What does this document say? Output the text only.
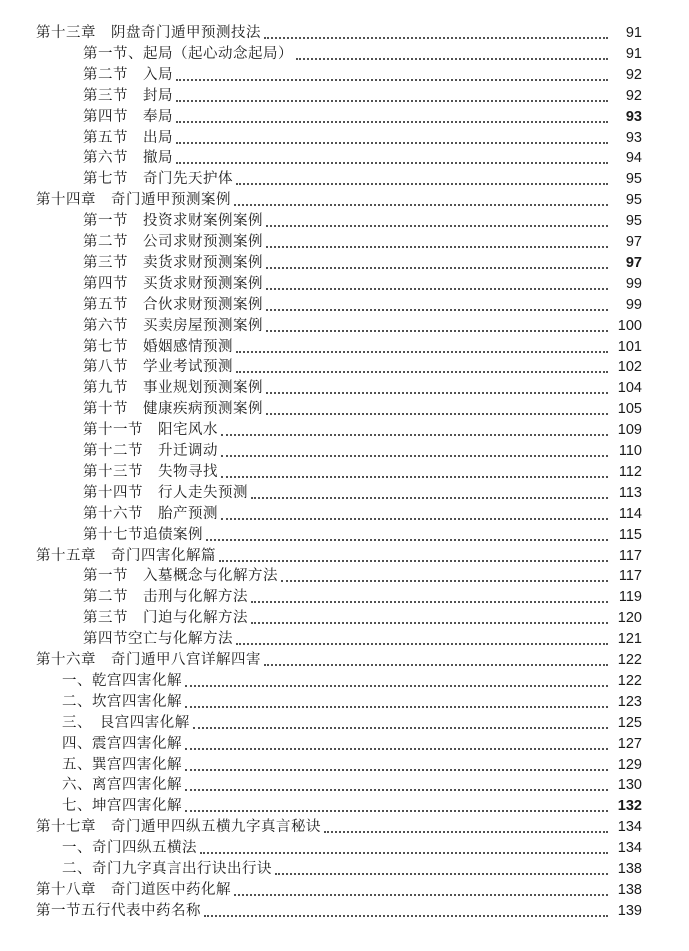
第十三章　阴盘奇门遁甲预测技法	91
第一节、起局（起心动念起局）	91
第二节　入局	92
第三节　封局	92
第四节　奉局	93
第五节　出局	93
第六节　撤局	94
第七节　奇门先天护体	95
第十四章　奇门遁甲预测案例	95
第一节　投资求财案例案例	95
第二节　公司求财预测案例	97
第三节　卖货求财预测案例	97
第四节　买货求财预测案例	99
第五节　合伙求财预测案例	99
第六节　买卖房屋预测案例	100
第七节　婚姻感情预测	101
第八节　学业考试预测	102
第九节　事业规划预测案例	104
第十节　健康疾病预测案例	105
第十一节　阳宅风水	109
第十二节　升迁调动	110
第十三节　失物寻找	112
第十四节　行人走失预测	113
第十六节　胎产预测	114
第十七节追债案例	115
第十五章　奇门四害化解篇	117
第一节　入墓概念与化解方法	117
第二节　击刑与化解方法	119
第三节　门迫与化解方法	120
第四节空亡与化解方法	121
第十六章　奇门遁甲八宫详解四害	122
一、乾宫四害化解	122
二、坎宫四害化解	123
三、　艮宫四害化解	125
四、震宫四害化解	127
五、巽宫四害化解	129
六、离宫四害化解	130
七、坤宫四害化解	132
第十七章　奇门遁甲四纵五横九字真言秘诀	134
一、奇门四纵五横法	134
二、奇门九字真言出行诀出行诀	138
第十八章　奇门道医中药化解	138
第一节五行代表中药名称	139
